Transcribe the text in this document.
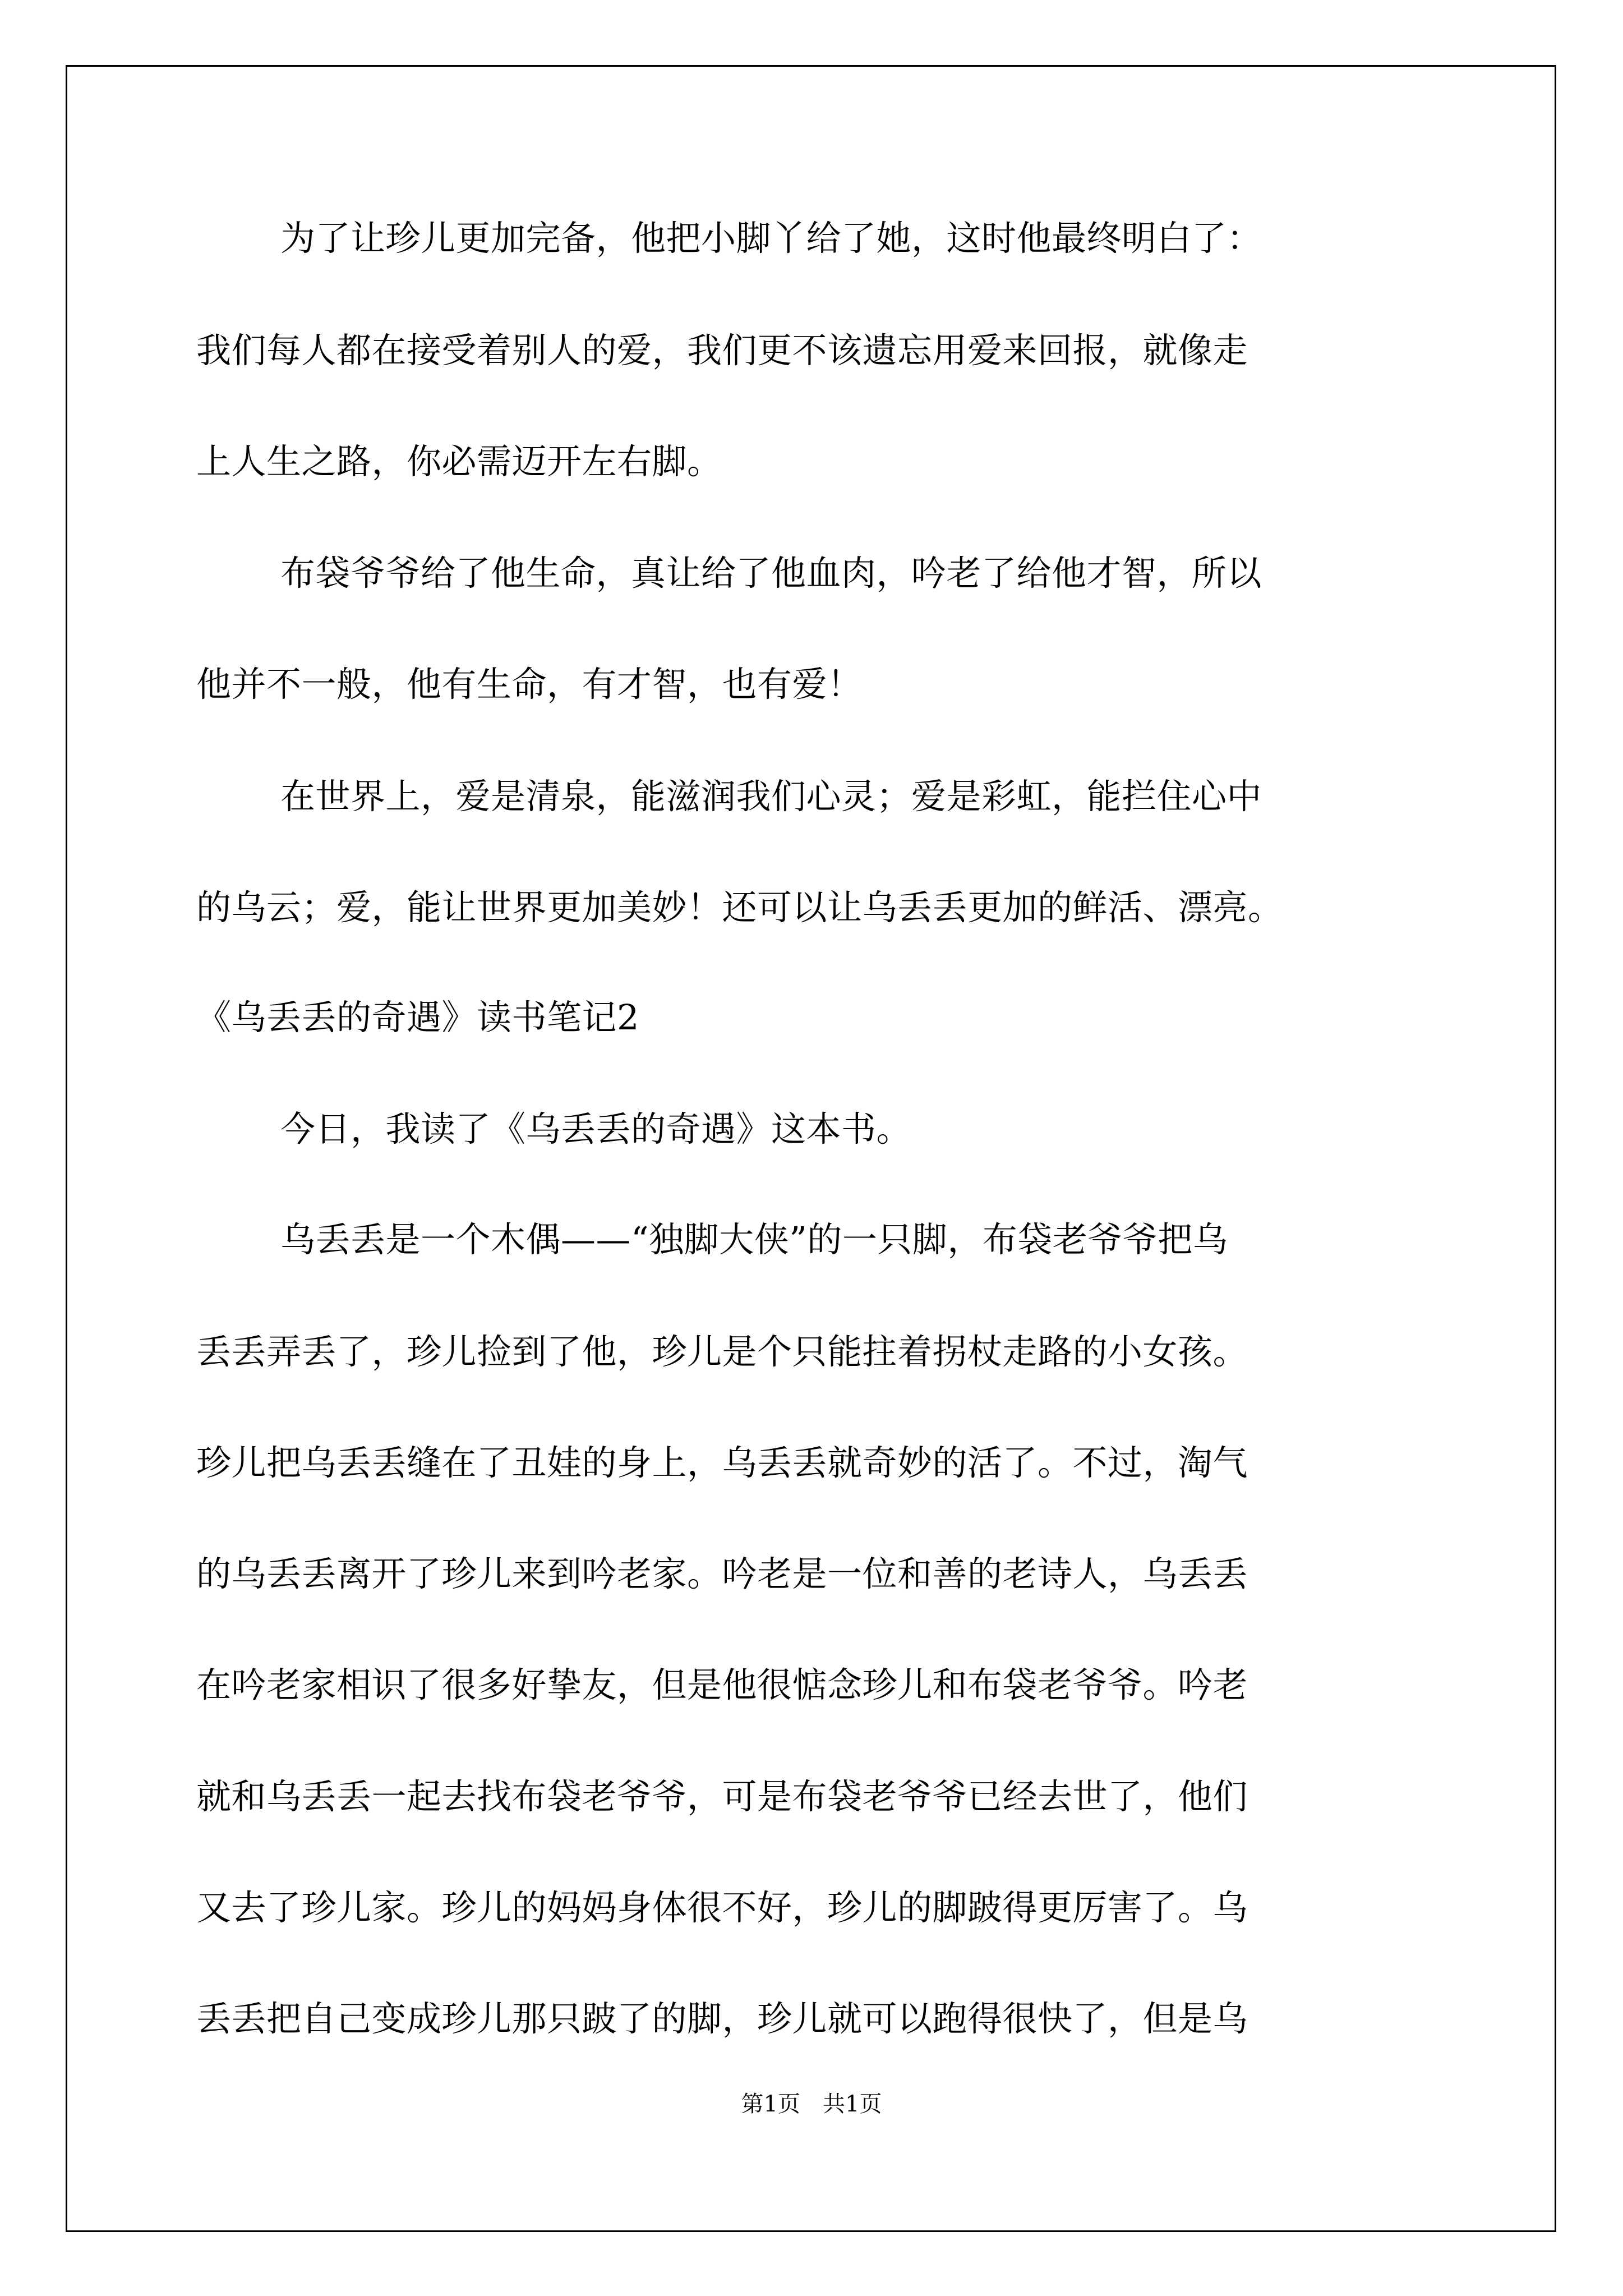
为了让珍儿更加完备，他把小脚丫给了她，这时他最终明白了：
我们每人都在接受着别人的爱，我们更不该遗忘用爱来回报，就像走
上人生之路，你必需迈开左右脚。
布袋爷爷给了他生命，真让给了他血肉，吟老了给他才智，所以
他并不一般，他有生命，有才智，也有爱！
在世界上，爱是清泉，能滋润我们心灵；爱是彩虹，能拦住心中
的乌云；爱，能让世界更加美妙！还可以让乌丢丢更加的鲜活、漂亮。
《乌丢丢的奇遇》读书笔记2
今日，我读了《乌丢丢的奇遇》这本书。
乌丢丢是一个木偶——“独脚大侠”的一只脚，布袋老爷爷把乌
丢丢弄丢了，珍儿捡到了他，珍儿是个只能拄着拐杖走路的小女孩。
珍儿把乌丢丢缝在了丑娃的身上，乌丢丢就奇妙的活了。不过，淘气
的乌丢丢离开了珍儿来到吟老家。吟老是一位和善的老诗人，乌丢丢
在吟老家相识了很多好挚友，但是他很惦念珍儿和布袋老爷爷。吟老
就和乌丢丢一起去找布袋老爷爷，可是布袋老爷爷已经去世了，他们
又去了珍儿家。珍儿的妈妈身体很不好，珍儿的脚跛得更厉害了。乌
丢丢把自己变成珍儿那只跛了的脚，珍儿就可以跑得很快了，但是乌
第1页　共1页
